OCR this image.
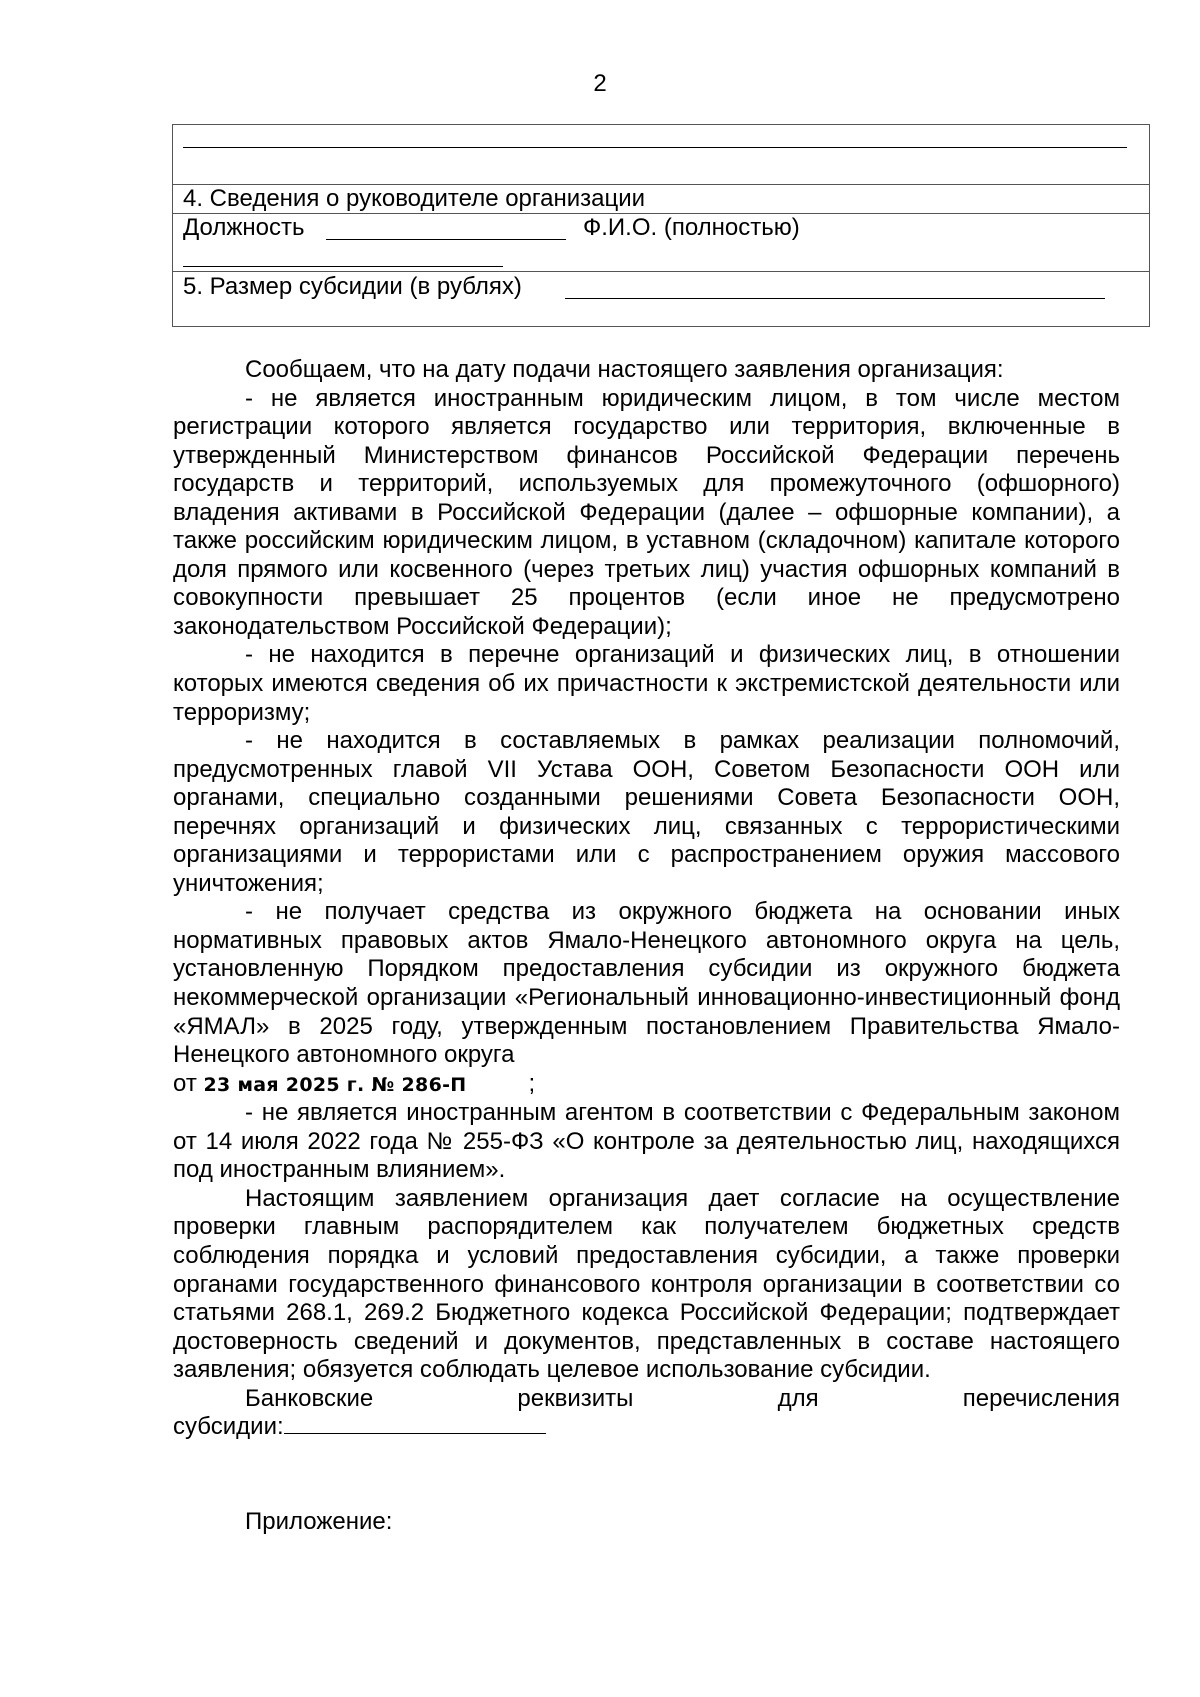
2
4. Сведения о руководителе организации
Должность	Ф.И.О. (полностью)
5. Размер субсидии (в рублях)

Сообщаем, что на дату подачи настоящего заявления организация:

- не является иностранным юридическим лицом, в том числе местом регистрации которого является государство или территория, включенные в утвержденный Министерством финансов Российской Федерации перечень государств и территорий, используемых для промежуточного (офшорного) владения активами в Российской Федерации (далее – офшорные компании), а также российским юридическим лицом, в уставном (складочном) капитале которого доля прямого или косвенного (через третьих лиц) участия офшорных компаний в совокупности превышает 25 процентов (если иное не предусмотрено законодательством Российской Федерации);

- не находится в перечне организаций и физических лиц, в отношении которых имеются сведения об их причастности к экстремистской деятельности или терроризму;

- не находится в составляемых в рамках реализации полномочий, предусмотренных главой VII Устава ООН, Советом Безопасности ООН или органами, специально созданными решениями Совета Безопасности ООН, перечнях организаций и физических лиц, связанных с террористическими организациями и террористами или с распространением оружия массового уничтожения;

- не получает средства из окружного бюджета на основании иных нормативных правовых актов Ямало-Ненецкого автономного округа на цель, установленную Порядком предоставления субсидии из окружного бюджета некоммерческой организации «Региональный инновационно-инвестиционный фонд «ЯМАЛ» в 2025 году, утвержденным постановлением Правительства Ямало-Ненецкого автономного округа

от 23 мая 2025 г. № 286-П	;

- не является иностранным агентом в соответствии с Федеральным законом от 14 июля 2022 года № 255-ФЗ «О контроле за деятельностью лиц, находящихся под иностранным влиянием».

Настоящим заявлением организация дает согласие на осуществление проверки главным распорядителем как получателем бюджетных средств соблюдения порядка и условий предоставления субсидии, а также проверки органами государственного финансового контроля организации в соответствии со статьями 268.1, 269.2 Бюджетного кодекса Российской Федерации; подтверждает достоверность сведений и документов, представленных в составе настоящего заявления; обязуется соблюдать целевое использование субсидии.

Банковские	реквизиты	для	перечисления

субсидии:

Приложение:
